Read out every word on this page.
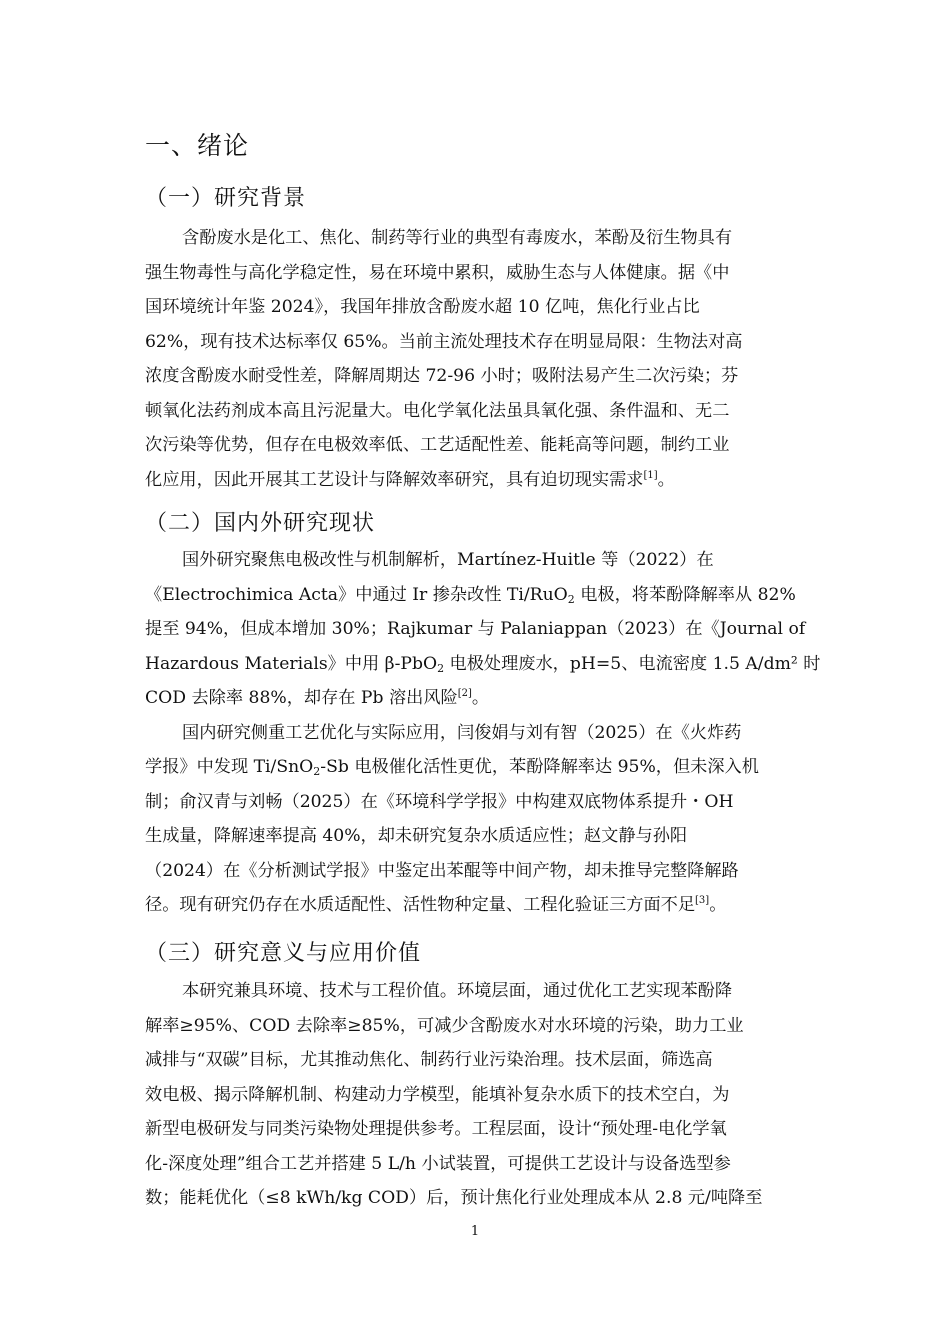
一、绪论
（一）研究背景
含酚废水是化工、焦化、制药等行业的典型有毒废水，苯酚及衍生物具有
强生物毒性与高化学稳定性，易在环境中累积，威胁生态与人体健康。据《中
国环境统计年鉴 2024》，我国年排放含酚废水超 10 亿吨，焦化行业占比
62%，现有技术达标率仅 65%。当前主流处理技术存在明显局限：生物法对高
浓度含酚废水耐受性差，降解周期达 72-96 小时；吸附法易产生二次污染；芬
顿氧化法药剂成本高且污泥量大。电化学氧化法虽具氧化强、条件温和、无二
次污染等优势，但存在电极效率低、工艺适配性差、能耗高等问题，制约工业
化应用，因此开展其工艺设计与降解效率研究，具有迫切现实需求[1]。
（二）国内外研究现状
国外研究聚焦电极改性与机制解析，Martínez-Huitle 等（2022）在
《Electrochimica Acta》中通过 Ir 掺杂改性 Ti/RuO$_2$ 电极，将苯酚降解率从 82%
提至 94%，但成本增加 30%；Rajkumar 与 Palaniappan（2023）在《Journal of
Hazardous Materials》中用 β-PbO$_2$ 电极处理废水，pH=5、电流密度 1.5 A/dm² 时
COD 去除率 88%，却存在 Pb 溶出风险[2]。
国内研究侧重工艺优化与实际应用，闫俊娟与刘有智（2025）在《火炸药
学报》中发现 Ti/SnO$_2$-Sb 电极催化活性更优，苯酚降解率达 95%，但未深入机
制；俞汉青与刘畅（2025）在《环境科学学报》中构建双底物体系提升・OH
生成量，降解速率提高 40%，却未研究复杂水质适应性；赵文静与孙阳
（2024）在《分析测试学报》中鉴定出苯醌等中间产物，却未推导完整降解路
径。现有研究仍存在水质适配性、活性物种定量、工程化验证三方面不足[3]。
（三）研究意义与应用价值
本研究兼具环境、技术与工程价值。环境层面，通过优化工艺实现苯酚降
解率≥95%、COD 去除率≥85%，可减少含酚废水对水环境的污染，助力工业
减排与“双碳”目标，尤其推动焦化、制药行业污染治理。技术层面，筛选高
效电极、揭示降解机制、构建动力学模型，能填补复杂水质下的技术空白，为
新型电极研发与同类污染物处理提供参考。工程层面，设计“预处理-电化学氧
化-深度处理”组合工艺并搭建 5 L/h 小试装置，可提供工艺设计与设备选型参
数；能耗优化（≤8 kWh/kg COD）后，预计焦化行业处理成本从 2.8 元/吨降至
1
